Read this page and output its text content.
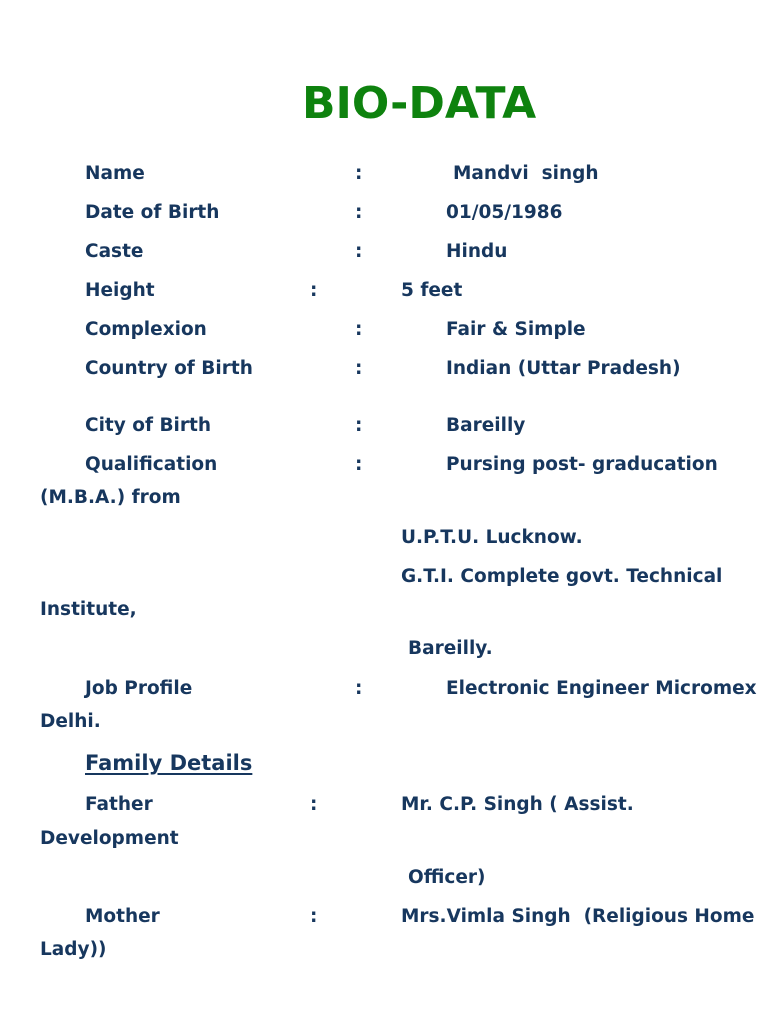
BIO-DATA
Name	:	Mandvi  singh
Date of Birth	:	01/05/1986
Caste	:	Hindu
Height	:	5 feet
Complexion	:	Fair & Simple
Country of Birth	:	Indian (Uttar Pradesh)
City of Birth	:	Bareilly
Qualification	:	Pursing post- graducation
(M.B.A.) from
U.P.T.U. Lucknow.
G.T.I. Complete govt. Technical
Institute,
Bareilly.
Job Profile	:	Electronic Engineer Micromex
Delhi.
Family Details
Father	:	Mr. C.P. Singh ( Assist.
Development
Officer)
Mother	:	Mrs.Vimla Singh  (Religious Home
Lady))
